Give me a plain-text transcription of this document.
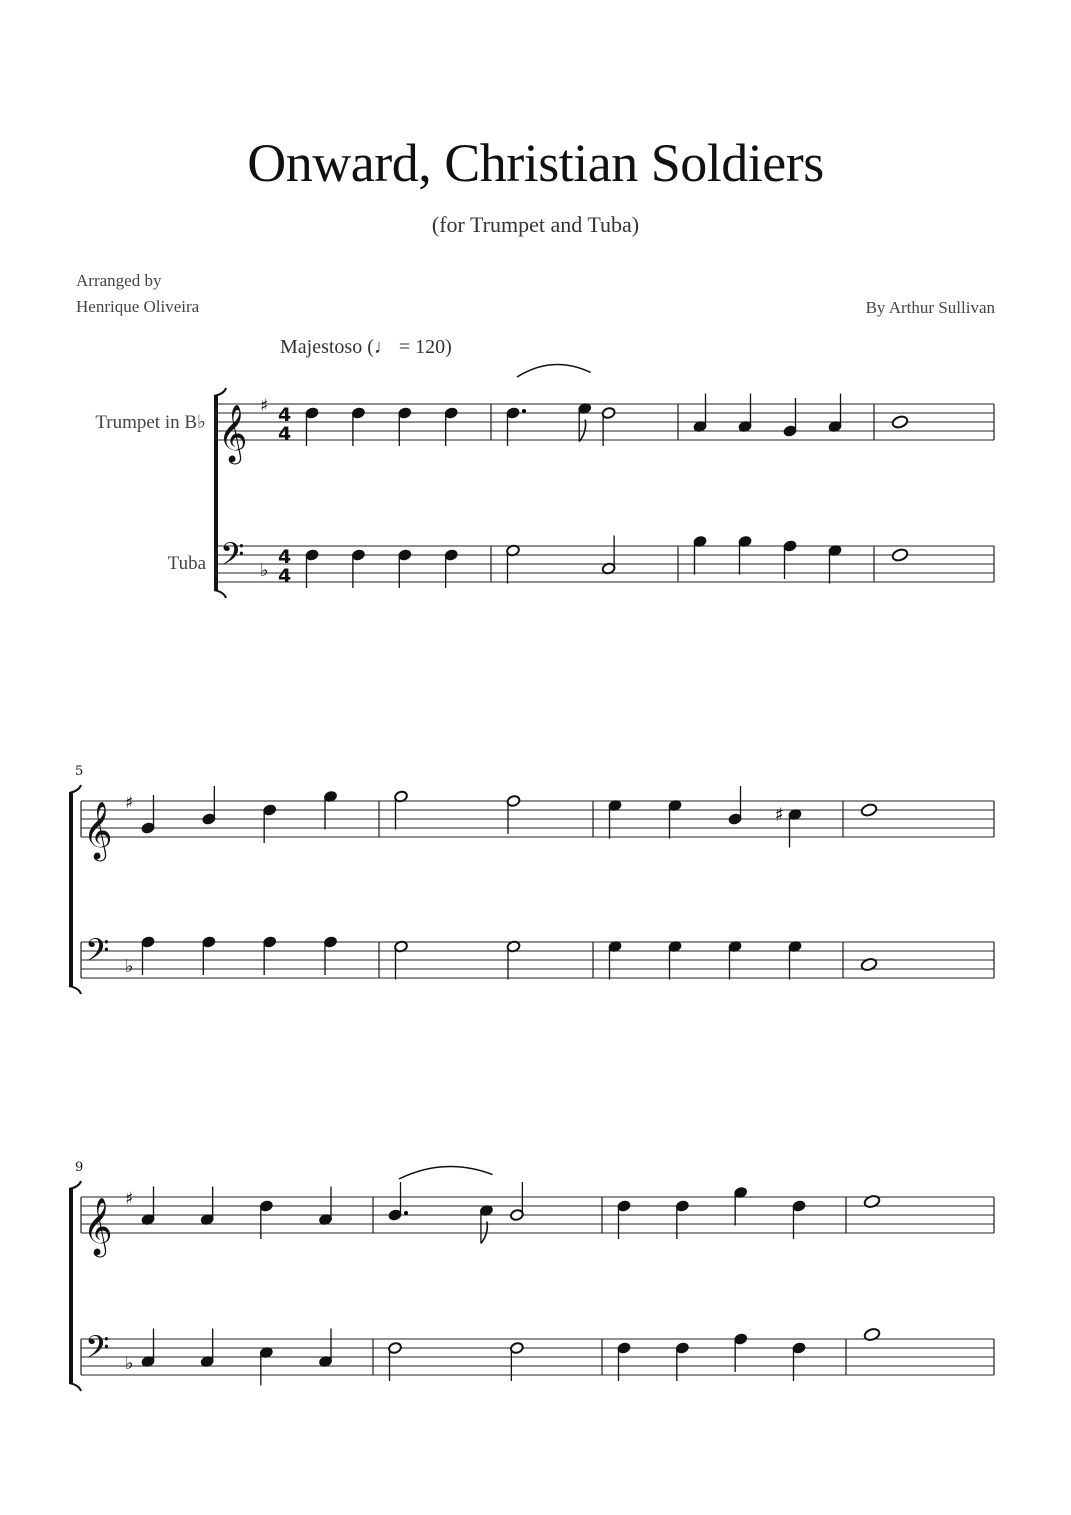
Onward, Christian Soldiers
(for Trumpet and Tuba)
Arranged by
Henrique Oliveira	By Arthur Sullivan
Majestoso (♩ = 120)
Trumpet in B♭
Tuba
𝄞
𝄢
♯
♭
4
4
4
4
5
𝄞
𝄢
♯
♭
♯
9
𝄞
𝄢
♯
♭
